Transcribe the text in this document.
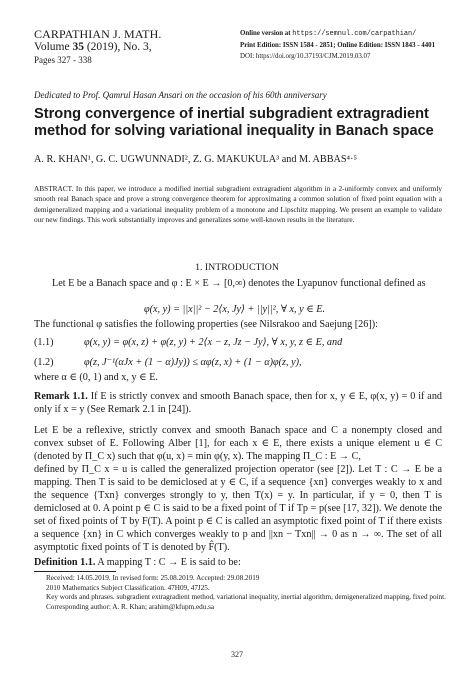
CARPATHIAN J. MATH.
Volume 35 (2019), No. 3,
Pages 327 - 338
Online version at https://semnul.com/carpathian/
Print Edition: ISSN 1584 - 2851; Online Edition: ISSN 1843 - 4401
DOI: https://doi.org/10.37193/CJM.2019.03.07
Dedicated to Prof. Qamrul Hasan Ansari on the occasion of his 60th anniversary
Strong convergence of inertial subgradient extragradient method for solving variational inequality in Banach space
A. R. KHAN¹, G. C. UGWUNNADI², Z. G. MAKUKULA³ and M. ABBAS⁴·⁵
ABSTRACT. In this paper, we introduce a modified inertial subgradient extragradient algorithm in a 2-uniformly convex and uniformly smooth real Banach space and prove a strong convergence theorem for approximating a common solution of fixed point equation with a demigeneralized mapping and a variational inequality problem of a monotone and Lipschitz mapping. We present an example to validate our new findings. This work substantially improves and generalizes some well-known results in the literature.
1. INTRODUCTION
Let E be a Banach space and φ : E × E → [0,∞) denotes the Lyapunov functional defined as
φ(x, y) = ||x||² − 2⟨x, Jy⟩ + ||y||², ∀ x, y ∈ E.
The functional φ satisfies the following properties (see Nilsrakoo and Saejung [26]):
(1.1)	φ(x, y) = φ(x, z) + φ(z, y) + 2⟨x − z, Jz − Jy⟩, ∀ x, y, z ∈ E, and
(1.2)	φ(z, J⁻¹(αJx + (1 − α)Jy)) ≤ αφ(z, x) + (1 − α)φ(z, y),
where α ∈ (0, 1) and x, y ∈ E.
Remark 1.1. If E is strictly convex and smooth Banach space, then for x, y ∈ E, φ(x, y) = 0 if and only if x = y (See Remark 2.1 in [24]).
Let E be a reflexive, strictly convex and smooth Banach space and C a nonempty closed and convex subset of E. Following Alber [1], for each x ∈ E, there exists a unique element u ∈ C (denoted by Π_C x) such that φ(u, x) = min φ(y, x). The mapping Π_C : E → C,
defined by Π_C x = u is called the generalized projection operator (see [2]). Let T : C → E be a mapping. Then T is said to be demiclosed at y ∈ C, if a sequence {xn} converges weakly to x and the sequence {Txn} converges strongly to y, then T(x) = y. In particular, if y = 0, then T is demiclosed at 0. A point p ∈ C is said to be a fixed point of T if Tp = p(see [17, 32]). We denote the set of fixed points of T by F(T). A point p ∈ C is called an asymptotic fixed point of T if there exists a sequence {xn} in C which converges weakly to p and ||xn − Txn|| → 0 as n → ∞. The set of all asymptotic fixed points of T is denoted by F̂(T).
Definition 1.1. A mapping T : C → E is said to be:
Received: 14.05.2019. In revised form: 25.08.2019. Accepted: 29.08.2019
2010 Mathematics Subject Classification. 47H09, 47J25.
Key words and phrases. subgradient extragradient method, variational inequality, inertial algorithm, demigeneralized mapping, fixed point.
Corresponding author: A. R. Khan; arahim@kfupm.edu.sa
327
